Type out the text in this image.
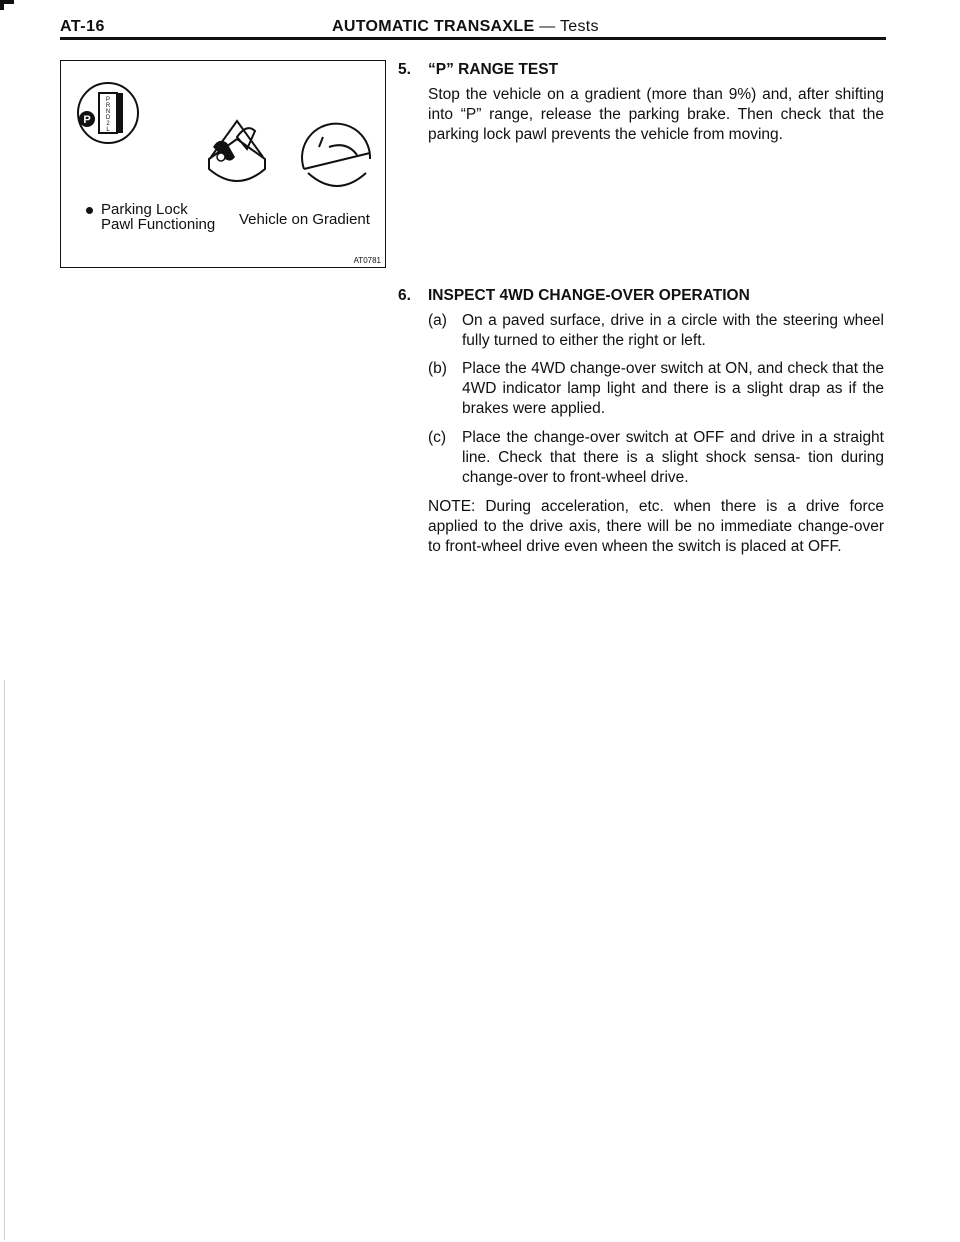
AT-16	AUTOMATIC TRANSAXLE — Tests
P
P
R
N
D
2
L
Parking Lock
Pawl Functioning Vehicle on Gradient
AT0781
5. “P” RANGE TEST
Stop the vehicle on a gradient (more than 9%) and, after shifting into “P” range, release the parking brake. Then check that the parking lock pawl prevents the vehicle from moving.
6. INSPECT 4WD CHANGE-OVER OPERATION
(a) On a paved surface, drive in a circle with the steering wheel fully turned to either the right or left.
(b) Place the 4WD change-over switch at ON, and check that the 4WD indicator lamp light and there is a slight drap as if the brakes were applied.
(c) Place the change-over switch at OFF and drive in a straight line. Check that there is a slight shock sensa- tion during change-over to front-wheel drive.
NOTE: During acceleration, etc. when there is a drive force applied to the drive axis, there will be no immediate change-over to front-wheel drive even wheen the switch is placed at OFF.
